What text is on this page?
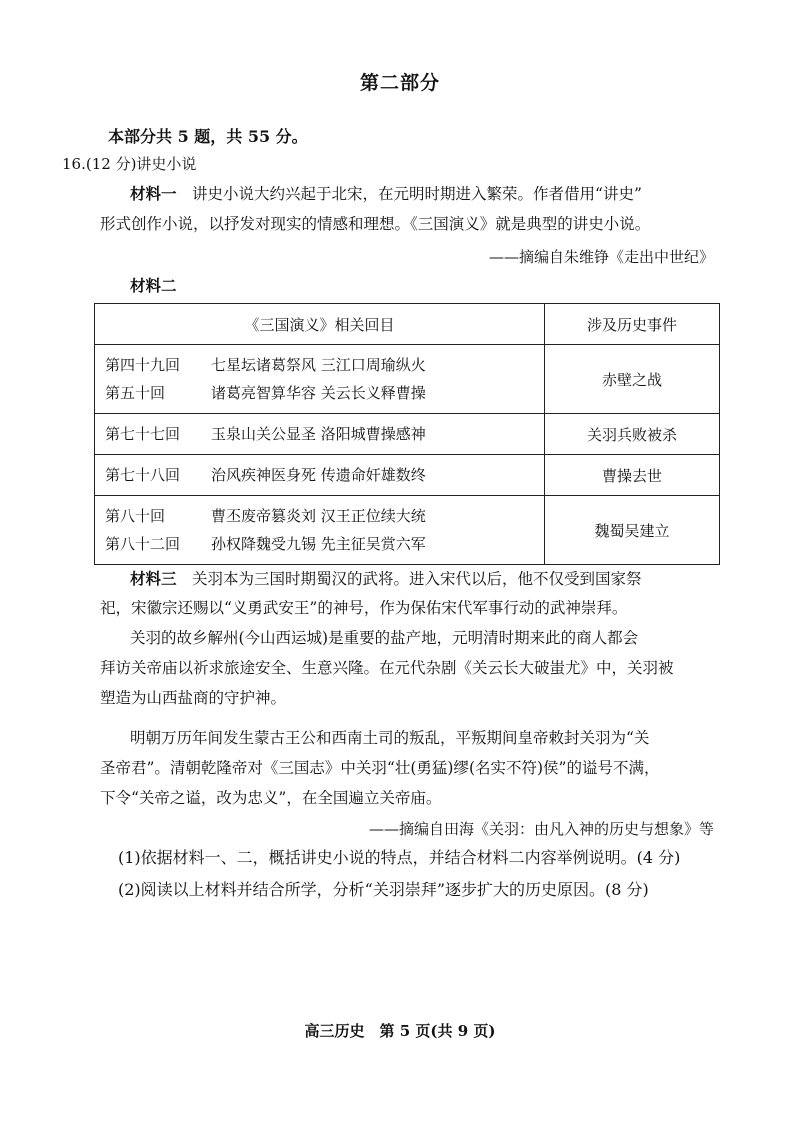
第二部分
本部分共 5 题，共 55 分。
16.(12 分)讲史小说
材料一　 讲史小说大约兴起于北宋，在元明时期进入繁荣。作者借用“讲史”
形式创作小说，以抒发对现实的情感和理想。《三国演义》就是典型的讲史小说。
——摘编自朱维铮《走出中世纪》
材料二
《三国演义》相关回目	涉及历史事件

第四十九回 七星坛诸葛祭风 三江口周瑜纵火
第五十回 诸葛亮智算华容 关云长义释曹操	赤壁之战

第七十七回 玉泉山关公显圣 洛阳城曹操感神	关羽兵败被杀

第七十八回 治风疾神医身死 传遗命奸雄数终	曹操去世

第八十回 曹丕废帝篡炎刘 汉王正位续大统
第八十二回 孙权降魏受九锡 先主征吴赏六军	魏蜀吴建立
材料三　 关羽本为三国时期蜀汉的武将。进入宋代以后，他不仅受到国家祭
祀，宋徽宗还赐以“义勇武安王”的神号，作为保佑宋代军事行动的武神崇拜。
关羽的故乡解州(今山西运城)是重要的盐产地，元明清时期来此的商人都会
拜访关帝庙以祈求旅途安全、生意兴隆。在元代杂剧《关云长大破蚩尤》中，关羽被
塑造为山西盐商的守护神。
明朝万历年间发生蒙古王公和西南土司的叛乱，平叛期间皇帝敕封关羽为“关
圣帝君”。清朝乾隆帝对《三国志》中关羽“壮(勇猛)缪(名实不符)侯”的谥号不满，
下令“关帝之谥，改为忠义”，在全国遍立关帝庙。
——摘编自田海《关羽：由凡入神的历史与想象》等
(1)依据材料一、二，概括讲史小说的特点，并结合材料二内容举例说明。(4 分)
(2)阅读以上材料并结合所学，分析“关羽崇拜”逐步扩大的历史原因。(8 分)
高三历史　第 5 页(共 9 页)
